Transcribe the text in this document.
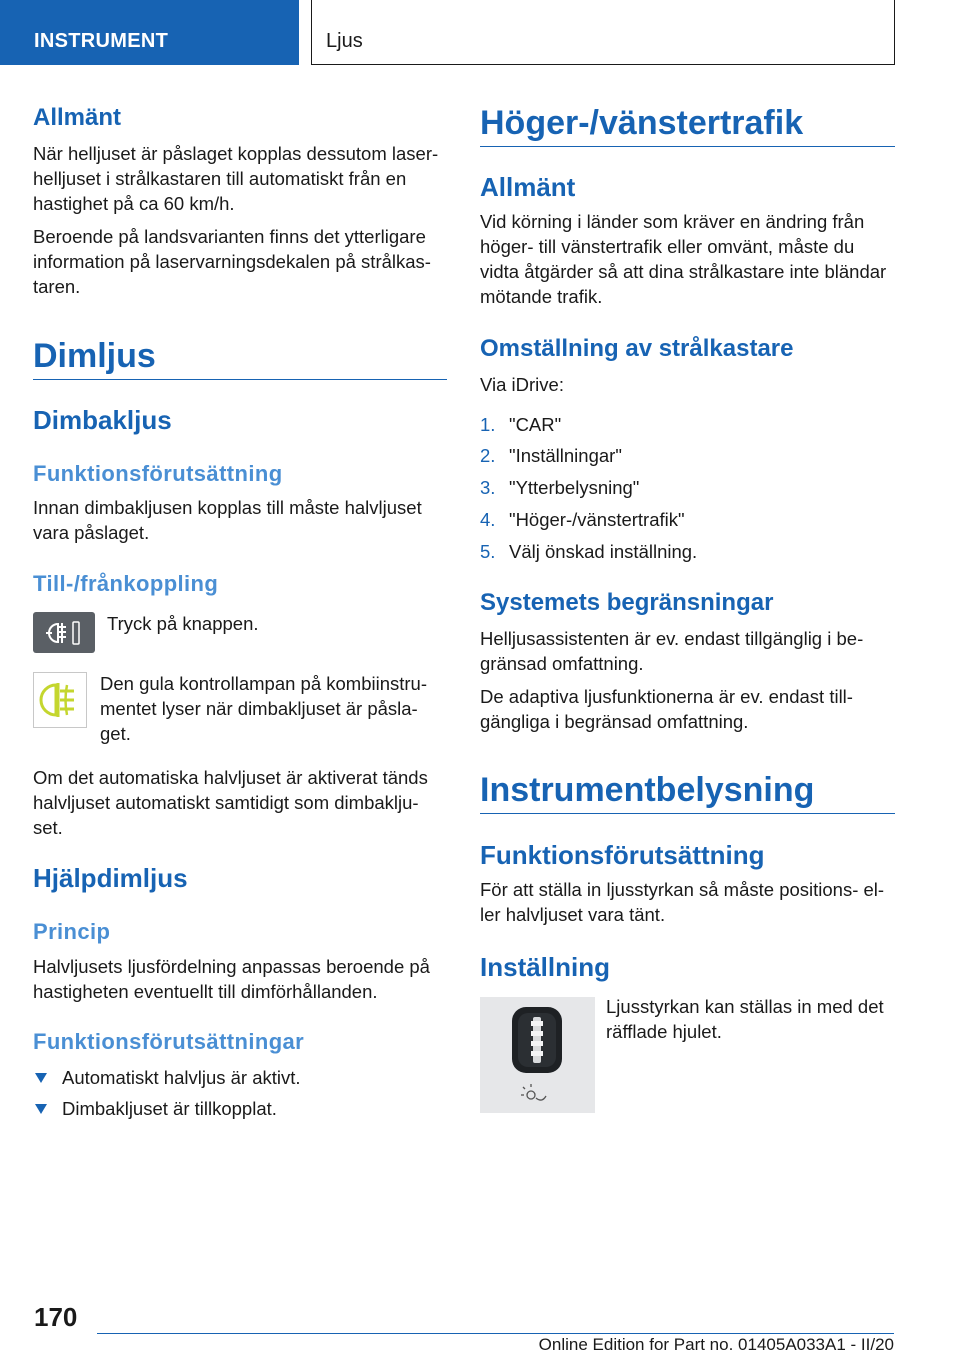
INSTRUMENT	Ljus
Allmänt
När helljuset är påslaget kopplas dessutom laser-helljuset i strålkastaren till automatiskt från en hastighet på ca 60 km/h.
Beroende på landsvarianten finns det ytterligare information på laservarningsdekalen på strålkas-taren.
Dimljus
Dimbakljus
Funktionsförutsättning
Innan dimbakljusen kopplas till måste halvljuset vara påslaget.
Till-/frånkoppling
Tryck på knappen.
Den gula kontrollampan på kombiinstru-mentet lyser när dimbakljuset är påsla-get.
Om det automatiska halvljuset är aktiverat tänds halvljuset automatiskt samtidigt som dimbaklju-set.
Hjälpdimljus
Princip
Halvljusets ljusfördelning anpassas beroende på hastigheten eventuellt till dimförhållanden.
Funktionsförutsättningar
Automatiskt halvljus är aktivt.
Dimbakljuset är tillkopplat.
Höger-/vänstertrafik
Allmänt
Vid körning i länder som kräver en ändring från höger- till vänstertrafik eller omvänt, måste du vidta åtgärder så att dina strålkastare inte bländar mötande trafik.
Omställning av strålkastare
Via iDrive:
1. "CAR"
2. "Inställningar"
3. "Ytterbelysning"
4. "Höger-/vänstertrafik"
5. Välj önskad inställning.
Systemets begränsningar
Helljusassistenten är ev. endast tillgänglig i be-gränsad omfattning.
De adaptiva ljusfunktionerna är ev. endast till-gängliga i begränsad omfattning.
Instrumentbelysning
Funktionsförutsättning
För att ställa in ljusstyrkan så måste positions- el-ler halvljuset vara tänt.
Inställning
Ljusstyrkan kan ställas in med det räfflade hjulet.
170
Online Edition for Part no. 01405A033A1 - II/20
